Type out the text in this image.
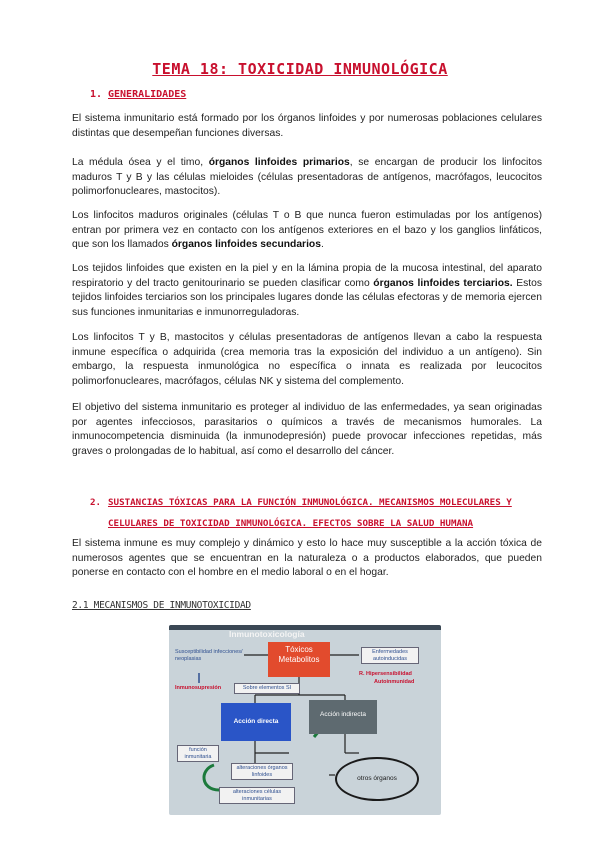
TEMA 18: TOXICIDAD INMUNOLÓGICA
1. GENERALIDADES

El sistema inmunitario está formado por los órganos linfoides y por numerosas poblaciones celulares distintas que desempeñan funciones diversas.

La médula ósea y el timo, órganos linfoides primarios, se encargan de producir los linfocitos maduros T y B y las células mieloides (células presentadoras de antígenos, macrófagos, leucocitos polimorfonucleares, mastocitos).

Los linfocitos maduros originales (células T o B que nunca fueron estimuladas por los antígenos) entran por primera vez en contacto con los antígenos exteriores en el bazo y los ganglios linfáticos, que son los llamados órganos linfoides secundarios.

Los tejidos linfoides que existen en la piel y en la lámina propia de la mucosa intestinal, del aparato respiratorio y del tracto genitourinario se pueden clasificar como órganos linfoides terciarios. Estos tejidos linfoides terciarios son los principales lugares donde las células efectoras y de memoria ejercen sus funciones inmunitarias e inmunorreguladoras.

Los linfocitos T y B, mastocitos y células presentadoras de antígenos llevan a cabo la respuesta inmune específica o adquirida (crea memoria tras la exposición del individuo a un antígeno). Sin embargo, la respuesta inmunológica no específica o innata es realizada por leucocitos polimorfonucleares, macrófagos, células NK y sistema del complemento.

El objetivo del sistema inmunitario es proteger al individuo de las enfermedades, ya sean originadas por agentes infecciosos, parasitarios o químicos a través de mecanismos humorales. La inmunocompetencia disminuida (la inmunodepresión) puede provocar infecciones repetidas, más graves o prolongadas de lo habitual, así como el desarrollo del cáncer.

2. SUSTANCIAS TÓXICAS PARA LA FUNCIÓN INMUNOLÓGICA. MECANISMOS MOLECULARES Y
CELULARES DE TOXICIDAD INMUNOLÓGICA. EFECTOS SOBRE LA SALUD HUMANA

El sistema inmune es muy complejo y dinámico y esto lo hace muy susceptible a la acción tóxica de numerosos agentes que se encuentran en la naturaleza o a productos elaborados, que pueden ponerse en contacto con el hombre en el medio laboral o en el hogar.

2.1 MECANISMOS DE INMUNOTOXICIDAD
Inmunotoxicología
Susceptibilidad infecciones/ neoplasias
Inmunosupresión
Tóxicos
Metabolitos
Sobre elementos SI
Enfermedades autoinducidas
R. Hipersensibilidad
Autoinmunidad
Acción directa
Acción indirecta
función inmunitaria
alteraciones órganos linfoides
alteraciones células inmunitarias
otros órganos
